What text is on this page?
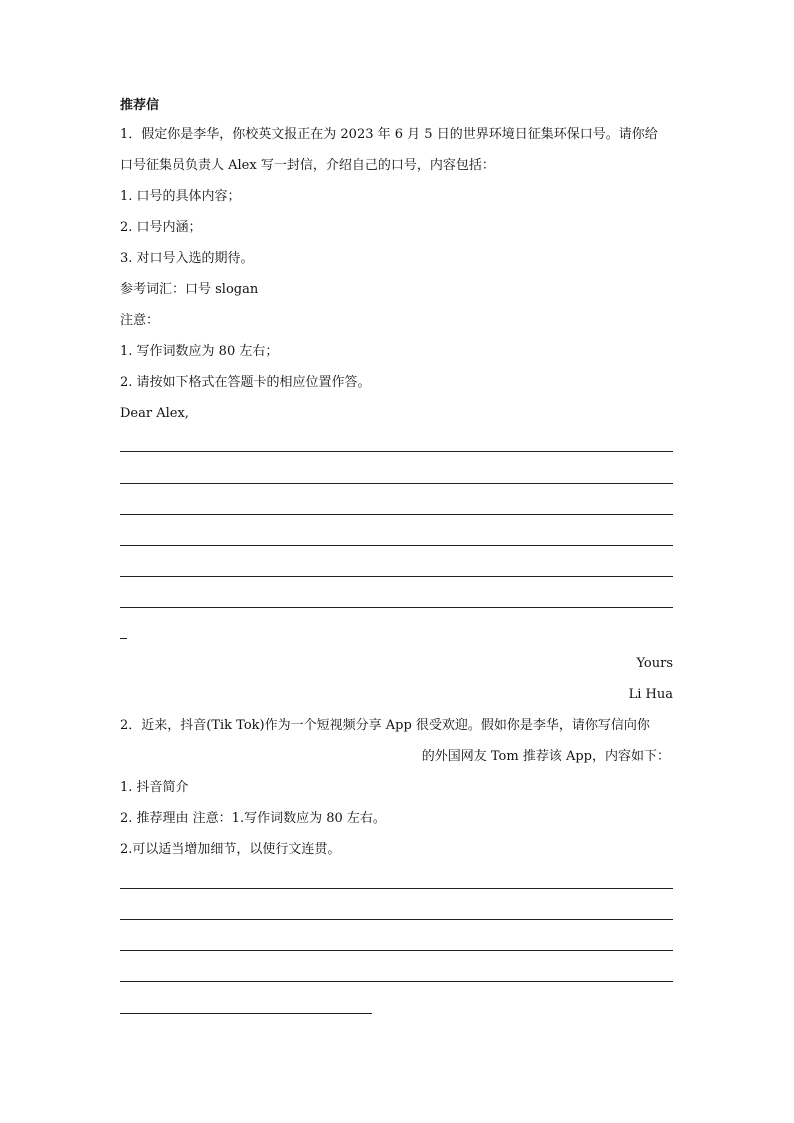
推荐信
1．假定你是李华，你校英文报正在为 2023 年 6 月 5 日的世界环境日征集环保口号。请你给
口号征集员负责人 Alex 写一封信，介绍自己的口号，内容包括：
1. 口号的具体内容；
2. 口号内涵；
3. 对口号入选的期待。
参考词汇：口号 slogan
注意：
1. 写作词数应为 80 左右；
2. 请按如下格式在答题卡的相应位置作答。
Dear Alex,
Yours
Li Hua
2．近来，抖音(Tik Tok)作为一个短视频分享 App 很受欢迎。假如你是李华，请你写信向你
的外国网友 Tom 推荐该 App，内容如下：
1. 抖音简介
2. 推荐理由 注意：1.写作词数应为 80 左右。
2.可以适当增加细节，以使行文连贯。
